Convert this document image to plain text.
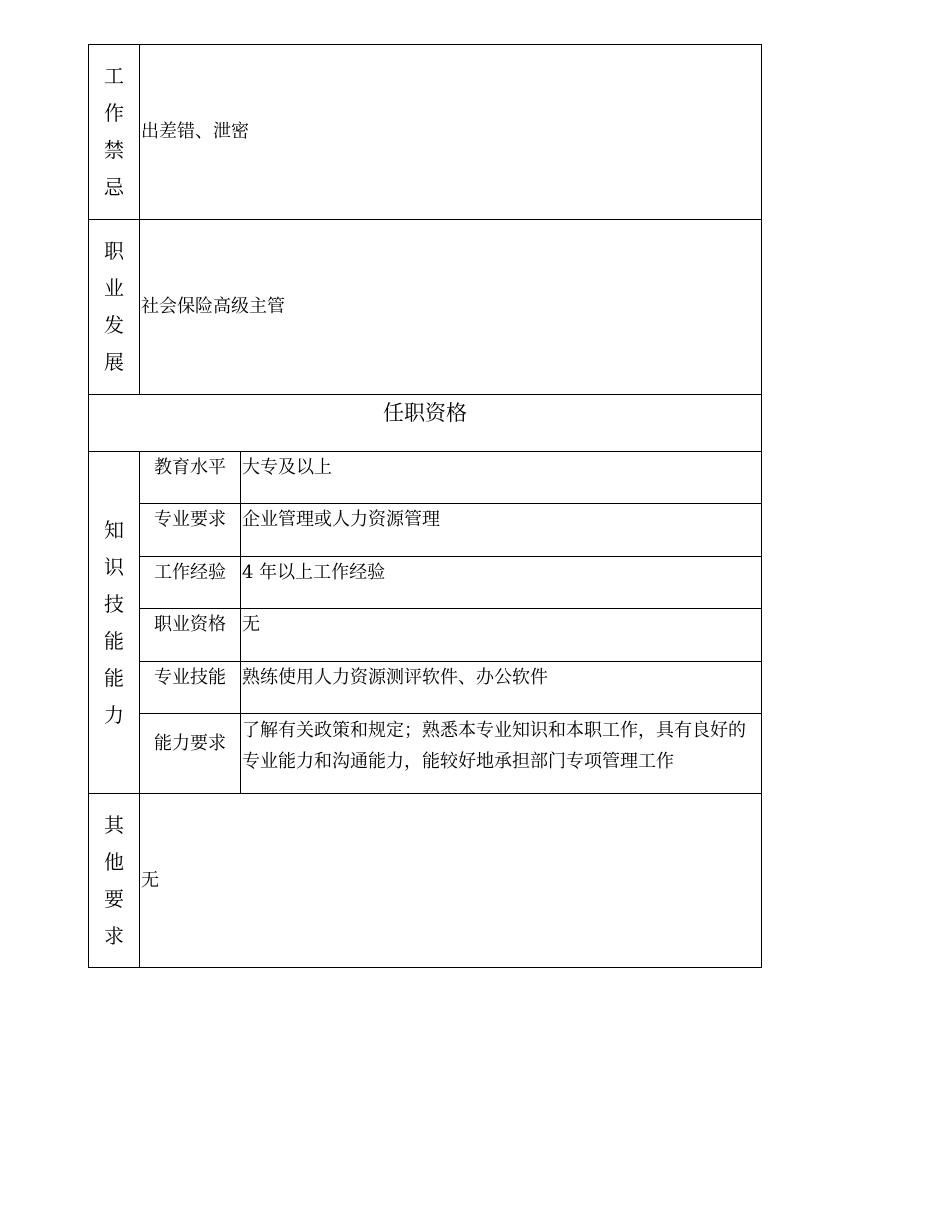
工作禁忌	出差错、泄密	

职业发展	社会保险高级主管	
任职资格		

知识技能能力	教育水平	大专及以上
	专业要求	企业管理或人力资源管理
	工作经验	4 年以上工作经验
	职业资格	无
	专业技能	熟练使用人力资源测评软件、办公软件
	能力要求	了解有关政策和规定；熟悉本专业知识和本职工作，具有良好的专业能力和沟通能力，能较好地承担部门专项管理工作

其他要求	无	
